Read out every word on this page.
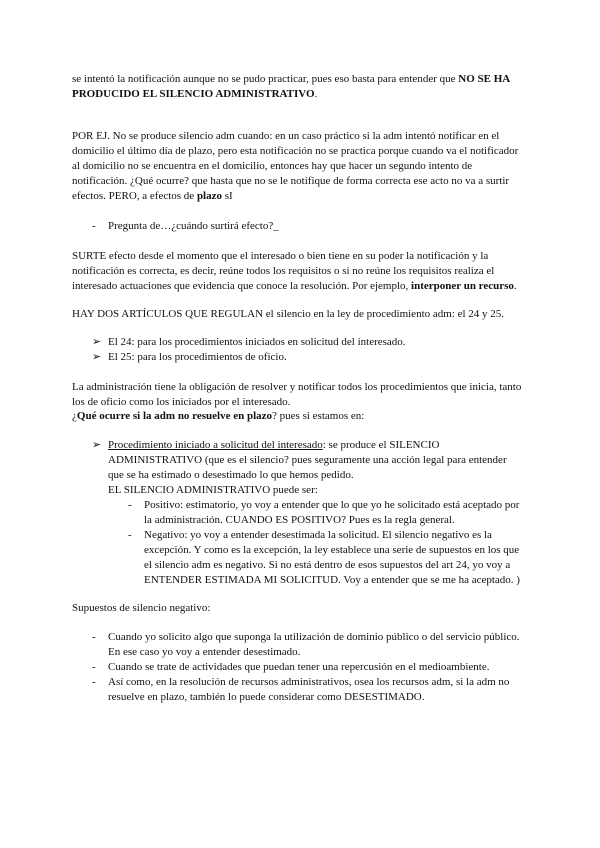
se intentó la notificación aunque no se pudo practicar, pues eso basta para entender que NO SE HA

PRODUCIDO EL SILENCIO ADMINISTRATIVO.

POR EJ. No se produce silencio adm cuando: en un caso práctico si la adm intentó notificar en el

domicilio el último día de plazo, pero esta notificación no se practica porque cuando va el notificador

al domicilio no se encuentra en el domicilio, entonces hay que hacer un segundo intento de

notificación. ¿Qué ocurre? que hasta que no se le notifique de forma correcta ese acto no va a surtir

efectos. PERO, a efectos de plazo sI

- Pregunta de…¿cuándo surtirá efecto?_

SURTE efecto desde el momento que el interesado o bien tiene en su poder la notificación y la

notificación es correcta, es decir, reúne todos los requisitos o si no reúne los requisitos realiza el

interesado actuaciones que evidencia que conoce la resolución. Por ejemplo, interponer un recurso.

HAY DOS ARTÍCULOS QUE REGULAN el silencio en la ley de procedimiento adm: el 24 y 25.

➢ El 24: para los procedimientos iniciados en solicitud del interesado.

➢ El 25: para los procedimientos de oficio.

La administración tiene la obligación de resolver y notificar todos los procedimientos que inicia, tanto

los de oficio como los iniciados por el interesado.

¿Qué ocurre si la adm no resuelve en plazo? pues si estamos en:

➢ Procedimiento iniciado a solicitud del interesado: se produce el SILENCIO

ADMINISTRATIVO (que es el silencio? pues seguramente una acción legal para entender

que se ha estimado o desestimado lo que hemos pedido.

EL SILENCIO ADMINISTRATIVO puede ser:

- Positivo: estimatorio, yo voy a entender que lo que yo he solicitado está aceptado por

la administración. CUANDO ES POSITIVO? Pues es la regla general.

- Negativo: yo voy a entender desestimada la solicitud. El silencio negativo es la

excepción. Y como es la excepción, la ley establece una serie de supuestos en los que

el silencio adm es negativo. Si no está dentro de esos supuestos del art 24, yo voy a

ENTENDER ESTIMADA MI SOLICITUD. Voy a entender que se me ha aceptado. )

Supuestos de silencio negativo:

- Cuando yo solicito algo que suponga la utilización de dominio público o del servicio público.

En ese caso yo voy a entender desestimado.

- Cuando se trate de actividades que puedan tener una repercusión en el medioambiente.

- Así como, en la resolución de recursos administrativos, osea los recursos adm, si la adm no

resuelve en plazo, también lo puede considerar como DESESTIMADO.
